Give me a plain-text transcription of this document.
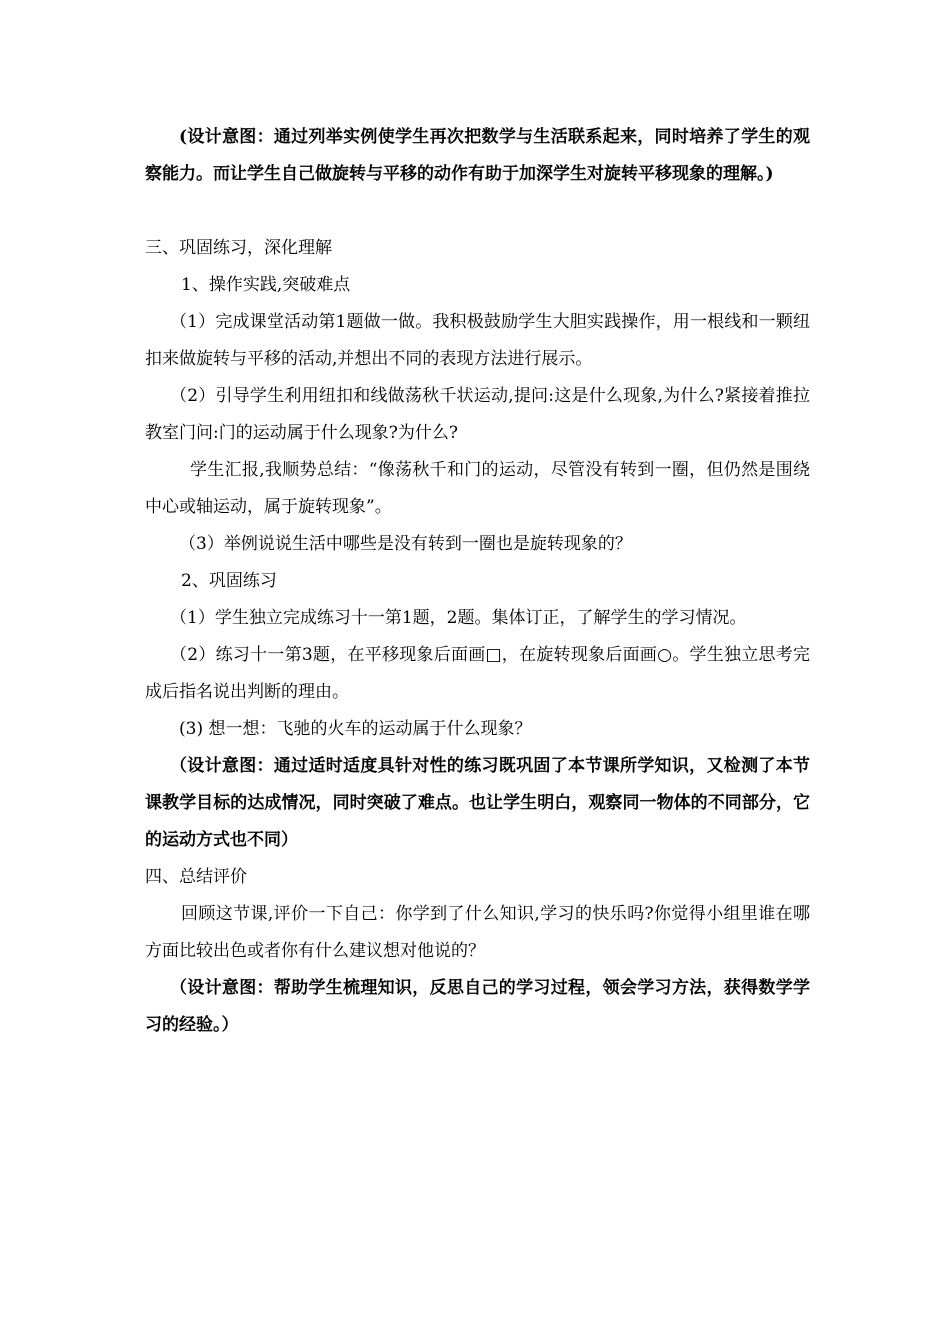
(设计意图：通过列举实例使学生再次把数学与生活联系起来，同时培养了学生的观察能力。而让学生自己做旋转与平移的动作有助于加深学生对旋转平移现象的理解。)

三、巩固练习，深化理解

1、操作实践,突破难点

（1）完成课堂活动第1题做一做。我积极鼓励学生大胆实践操作，用一根线和一颗纽扣来做旋转与平移的活动,并想出不同的表现方法进行展示。

（2）引导学生利用纽扣和线做荡秋千状运动,提问:这是什么现象,为什么?紧接着推拉教室门问:门的运动属于什么现象?为什么?

学生汇报,我顺势总结：“像荡秋千和门的运动，尽管没有转到一圈，但仍然是围绕中心或轴运动，属于旋转现象”。

（3）举例说说生活中哪些是没有转到一圈也是旋转现象的？

2、巩固练习

（1）学生独立完成练习十一第1题，2题。集体订正，了解学生的学习情况。

（2）练习十一第3题，在平移现象后面画□，在旋转现象后面画○。学生独立思考完成后指名说出判断的理由。

(3) 想一想：飞驰的火车的运动属于什么现象？

（设计意图：通过适时适度具针对性的练习既巩固了本节课所学知识，又检测了本节课教学目标的达成情况，同时突破了难点。也让学生明白，观察同一物体的不同部分，它的运动方式也不同）

四、总结评价

回顾这节课,评价一下自己：你学到了什么知识,学习的快乐吗?你觉得小组里谁在哪方面比较出色或者你有什么建议想对他说的？

（设计意图：帮助学生梳理知识，反思自己的学习过程，领会学习方法，获得数学学习的经验。）
